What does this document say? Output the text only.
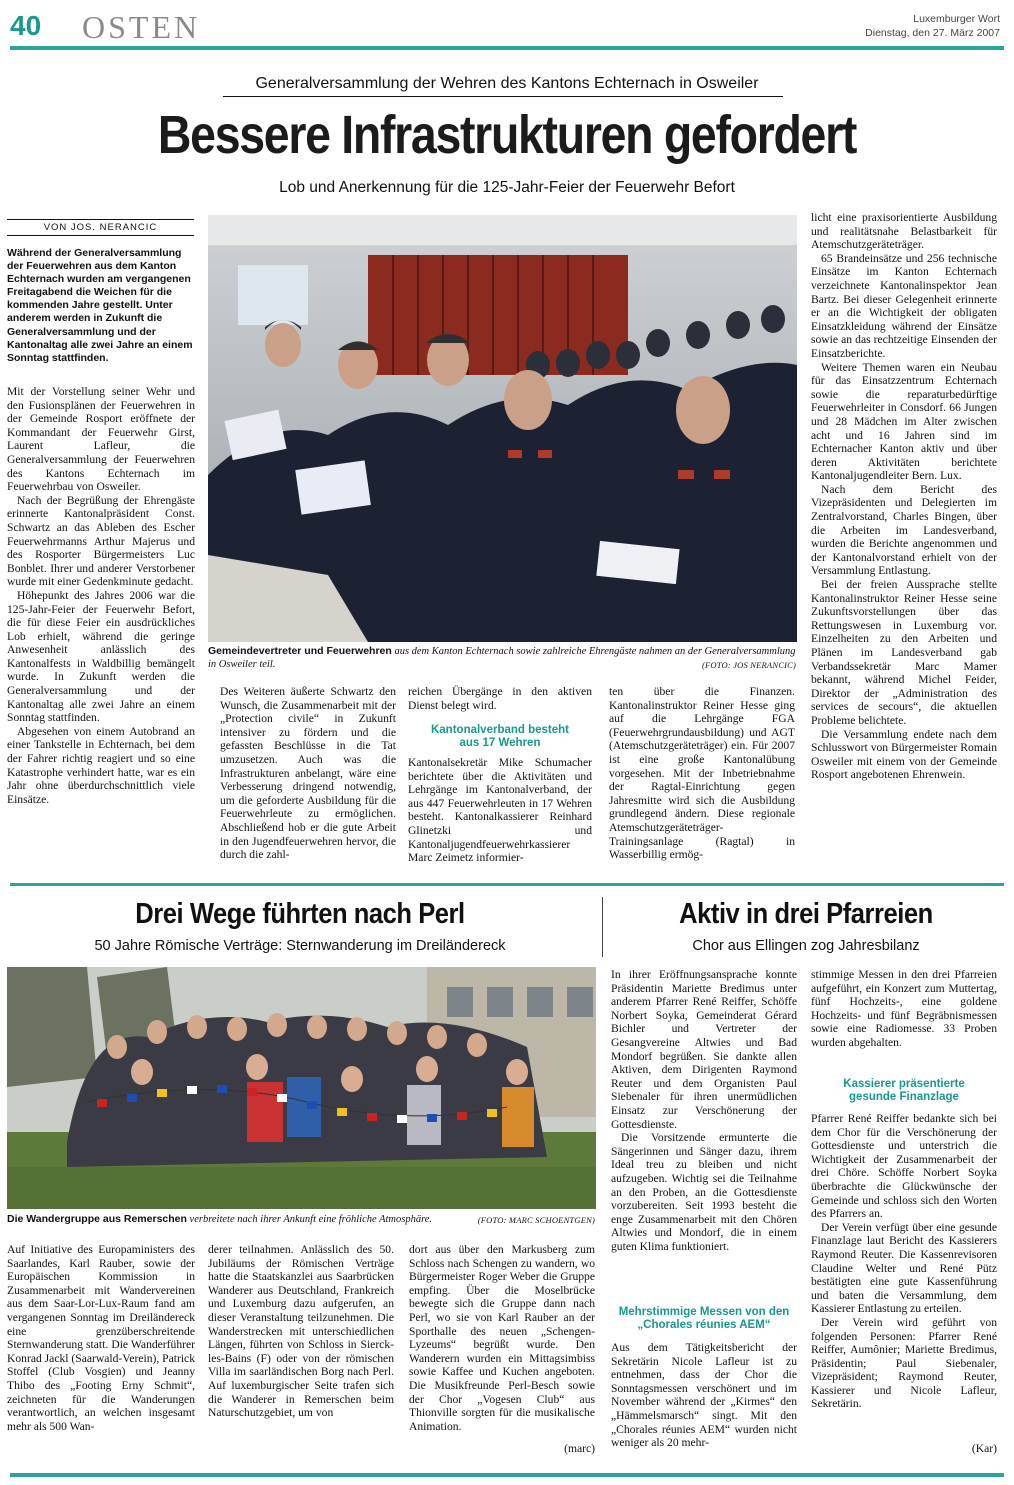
40 OSTEN	Luxemburger Wort
Dienstag, den 27. März 2007
Generalversammlung der Wehren des Kantons Echternach in Osweiler
Bessere Infrastrukturen gefordert
Lob und Anerkennung für die 125-Jahr-Feier der Feuerwehr Befort
VON JOS. NERANCIC
Während der Generalversammlung der Feuerwehren aus dem Kanton Echternach wurden am vergangenen Freitagabend die Weichen für die kommenden Jahre gestellt. Unter anderem werden in Zukunft die Generalversammlung und der Kantonaltag alle zwei Jahre an einem Sonntag stattfinden.

Mit der Vorstellung seiner Wehr und den Fusionsplänen der Feuerwehren in der Gemeinde Rosport eröffnete der Kommandant der Feuerwehr Girst, Laurent Lafleur, die Generalversammlung der Feuerwehren des Kantons Echternach im Feuerwehrbau von Osweiler.

Nach der Begrüßung der Ehrengäste erinnerte Kantonalpräsident Const. Schwartz an das Ableben des Escher Feuerwehrmanns Arthur Majerus und des Rosporter Bürgermeisters Luc Bonblet. Ihrer und anderer Verstorbener wurde mit einer Gedenkminute gedacht.

Höhepunkt des Jahres 2006 war die 125-Jahr-Feier der Feuerwehr Befort, die für diese Feier ein ausdrückliches Lob erhielt, während die geringe Anwesenheit anlässlich des Kantonalfests in Waldbillig bemängelt wurde. In Zukunft werden die Generalversammlung und der Kantonaltag alle zwei Jahre an einem Sonntag stattfinden.

Abgesehen von einem Autobrand an einer Tankstelle in Echternach, bei dem der Fahrer richtig reagiert und so eine Katastrophe verhindert hatte, war es ein Jahr ohne überdurchschnittlich viele Einsätze.

Gemeindevertreter und Feuerwehren aus dem Kanton Echternach sowie zahlreiche Ehrengäste nahmen an der Generalversammlung in Osweiler teil.	(FOTO: JOS NERANCIC)

Des Weiteren äußerte Schwartz den Wunsch, die Zusammenarbeit mit der „Protection civile“ in Zukunft intensiver zu fördern und die gefassten Beschlüsse in die Tat umzusetzen. Auch was die Infrastrukturen anbelangt, wäre eine Verbesserung dringend notwendig, um die geforderte Ausbildung für die Feuerwehrleute zu ermöglichen. Abschließend hob er die gute Arbeit in den Jugendfeuerwehren hervor, die durch die zahl-

reichen Übergänge in den aktiven Dienst belegt wird.

Kantonalverband besteht aus 17 Wehren

Kantonalsekretär Mike Schumacher berichtete über die Aktivitäten und Lehrgänge im Kantonalverband, der aus 447 Feuerwehrleuten in 17 Wehren besteht. Kantonalkassierer Reinhard Glinetzki und Kantonaljugendfeuerwehrkassierer Marc Zeimetz informier-

ten über die Finanzen. Kantonalinstruktor Reiner Hesse ging auf die Lehrgänge FGA (Feuerwehrgrundausbildung) und AGT (Atemschutzgeräteträger) ein. Für 2007 ist eine große Kantonalübung vorgesehen. Mit der Inbetriebnahme der Ragtal-Einrichtung gegen Jahresmitte wird sich die Ausbildung grundlegend ändern. Diese regionale Atemschutzgeräteträger-Trainingsanlage (Ragtal) in Wasserbillig ermög-

licht eine praxisorientierte Ausbildung und realitätsnahe Belastbarkeit für Atemschutzgeräteträger.

65 Brandeinsätze und 256 technische Einsätze im Kanton Echternach verzeichnete Kantonalinspektor Jean Bartz. Bei dieser Gelegenheit erinnerte er an die Wichtigkeit der obligaten Einsatzkleidung während der Einsätze sowie an das rechtzeitige Einsenden der Einsatzberichte.

Weitere Themen waren ein Neubau für das Einsatzzentrum Echternach sowie die reparaturbedürftige Feuerwehrleiter in Consdorf. 66 Jungen und 28 Mädchen im Alter zwischen acht und 16 Jahren sind im Echternacher Kanton aktiv und über deren Aktivitäten berichtete Kantonaljugendleiter Bern. Lux.

Nach dem Bericht des Vizepräsidenten und Delegierten im Zentralvorstand, Charles Bingen, über die Arbeiten im Landesverband, wurden die Berichte angenommen und der Kantonalvorstand erhielt von der Versammlung Entlastung.

Bei der freien Aussprache stellte Kantonalinstruktor Reiner Hesse seine Zukunftsvorstellungen über das Rettungswesen in Luxemburg vor. Einzelheiten zu den Arbeiten und Plänen im Landesverband gab Verbandssekretär Marc Mamer bekannt, während Michel Feider, Direktor der „Administration des services de secours“, die aktuellen Probleme belichtete.

Die Versammlung endete nach dem Schlusswort von Bürgermeister Romain Osweiler mit einem von der Gemeinde Rosport angebotenen Ehrenwein.

Drei Wege führten nach Perl
50 Jahre Römische Verträge: Sternwanderung im Dreiländereck
Die Wandergruppe aus Remerschen verbreitete nach ihrer Ankunft eine fröhliche Atmosphäre.	(FOTO: MARC SCHOENTGEN)

Auf Initiative des Europaministers des Saarlandes, Karl Rauber, sowie der Europäischen Kommission in Zusammenarbeit mit Wandervereinen aus dem Saar-Lor-Lux-Raum fand am vergangenen Sonntag im Dreiländereck eine grenzüberschreitende Sternwanderung statt. Die Wanderführer Konrad Jackl (Saarwald-Verein), Patrick Stoffel (Club Vosgien) und Jeanny Thibo des „Footing Erny Schmit“, zeichneten für die Wanderungen verantwortlich, an welchen insgesamt mehr als 500 Wan-

derer teilnahmen. Anlässlich des 50. Jubiläums der Römischen Verträge hatte die Staatskanzlei aus Saarbrücken Wanderer aus Deutschland, Frankreich und Luxemburg dazu aufgerufen, an dieser Veranstaltung teilzunehmen. Die Wanderstrecken mit unterschiedlichen Längen, führten von Schloss in Sierck-les-Bains (F) oder von der römischen Villa im saarländischen Borg nach Perl. Auf luxemburgischer Seite trafen sich die Wanderer in Remerschen beim Naturschutzgebiet, um von

dort aus über den Markusberg zum Schloss nach Schengen zu wandern, wo Bürgermeister Roger Weber die Gruppe empfing. Über die Moselbrücke bewegte sich die Gruppe dann nach Perl, wo sie von Karl Rauber an der Sporthalle des neuen „Schengen-Lyzeums“ begrüßt wurde. Den Wanderern wurden ein Mittagsimbiss sowie Kaffee und Kuchen angeboten. Die Musikfreunde Perl-Besch sowie der Chor „Vogesen Club“ aus Thionville sorgten für die musikalische Animation.

(marc)
Aktiv in drei Pfarreien
Chor aus Ellingen zog Jahresbilanz

In ihrer Eröffnungsansprache konnte Präsidentin Mariette Bredimus unter anderem Pfarrer René Reiffer, Schöffe Norbert Soyka, Gemeinderat Gérard Bichler und Vertreter der Gesangvereine Altwies und Bad Mondorf begrüßen. Sie dankte allen Aktiven, dem Dirigenten Raymond Reuter und dem Organisten Paul Siebenaler für ihren unermüdlichen Einsatz zur Verschönerung der Gottesdienste.

Die Vorsitzende ermunterte die Sängerinnen und Sänger dazu, ihrem Ideal treu zu bleiben und nicht aufzugeben. Wichtig sei die Teilnahme an den Proben, an die Gottesdienste vorzubereiten. Seit 1993 besteht die enge Zusammenarbeit mit den Chören Altwies und Mondorf, die in einem guten Klima funktioniert.

Mehrstimmige Messen von den „Chorales réunies AEM“

Aus dem Tätigkeitsbericht der Sekretärin Nicole Lafleur ist zu entnehmen, dass der Chor die Sonntagsmessen verschönert und im November während der „Kirmes“ den „Hämmelsmarsch“ singt. Mit den „Chorales réunies AEM“ wurden nicht weniger als 20 mehr-

stimmige Messen in den drei Pfarreien aufgeführt, ein Konzert zum Muttertag, fünf Hochzeits-, eine goldene Hochzeits- und fünf Begräbnismessen sowie eine Radiomesse. 33 Proben wurden abgehalten.

Kassierer präsentierte gesunde Finanzlage

Pfarrer René Reiffer bedankte sich bei dem Chor für die Verschönerung der Gottesdienste und unterstrich die Wichtigkeit der Zusammenarbeit der drei Chöre. Schöffe Norbert Soyka überbrachte die Glückwünsche der Gemeinde und schloss sich den Worten des Pfarrers an.

Der Verein verfügt über eine gesunde Finanzlage laut Bericht des Kassierers Raymond Reuter. Die Kassenrevisoren Claudine Welter und René Pütz bestätigten eine gute Kassenführung und baten die Versammlung, dem Kassierer Entlastung zu erteilen.

Der Verein wird geführt von folgenden Personen: Pfarrer René Reiffer, Aumônier; Mariette Bredimus, Präsidentin; Paul Siebenaler, Vizepräsident; Raymond Reuter, Kassierer und Nicole Lafleur, Sekretärin.

(Kar)
